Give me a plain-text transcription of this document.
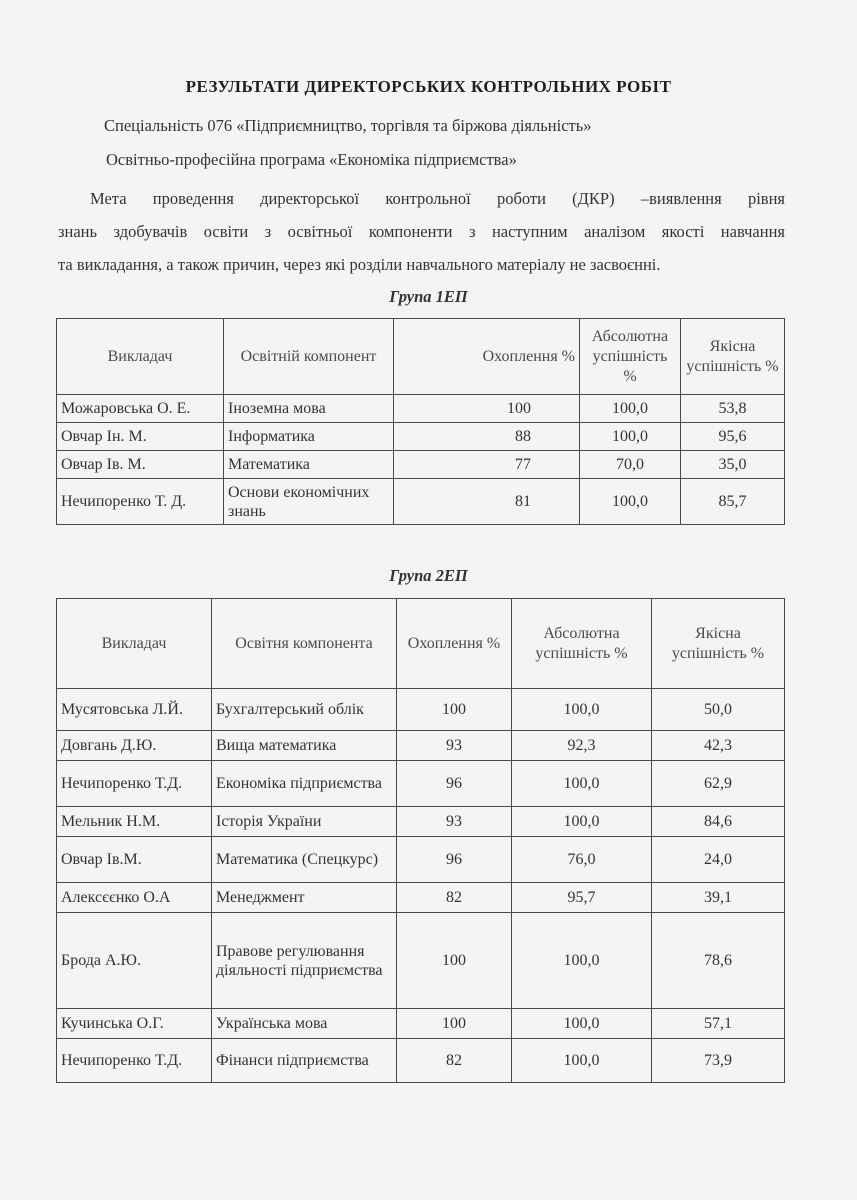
РЕЗУЛЬТАТИ ДИРЕКТОРСЬКИХ КОНТРОЛЬНИХ РОБІТ
Спеціальність 076 «Підприємництво, торгівля та біржова діяльність»
Освітньо-професійна програма «Економіка підприємства»
Мета проведення директорської контрольної роботи (ДКР) –виявлення рівня
знань здобувачів освіти з освітньої компоненти з наступним аналізом якості навчання
та викладання, а також причин, через які розділи навчального матеріалу не засвоєнні.
Група 1ЕП
Викладач	Освітній компонент	Охоплення %	Абсолютна успішність %	Якісна успішність %
Можаровська О. Е.	Іноземна мова	100	100,0	53,8
Овчар Ін. М.	Інформатика	88	100,0	95,6
Овчар Ів. М.	Математика	77	70,0	35,0
Нечипоренко Т. Д.	Основи економічних знань	81	100,0	85,7
Група 2ЕП
Викладач	Освітня компонента	Охоплення %	Абсолютна успішність %	Якісна успішність %
Мусятовська Л.Й.	Бухгалтерський облік	100	100,0	50,0
Довгань Д.Ю.	Вища математика	93	92,3	42,3
Нечипоренко Т.Д.	Економіка підприємства	96	100,0	62,9
Мельник Н.М.	Історія України	93	100,0	84,6
Овчар Ів.М.	Математика (Спецкурс)	96	76,0	24,0
Алексєєнко О.А	Менеджмент	82	95,7	39,1
Брода А.Ю.	Правове регулювання діяльності підприємства	100	100,0	78,6
Кучинська О.Г.	Українська мова	100	100,0	57,1
Нечипоренко Т.Д.	Фінанси підприємства	82	100,0	73,9
